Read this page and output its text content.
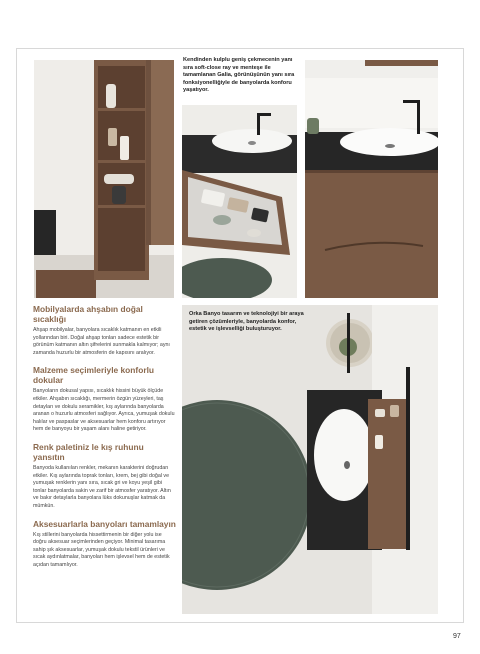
Kendinden kulplu geniş çekmecenin yanı sıra soft-close ray ve menteşe ile tamamlanan Galia, görünüşünün yanı sıra fonksiyonelliğiyle de banyolarda konforu yaşatıyor.
Orka Banyo tasarım ve teknolojiyi bir araya getiren çözümleriyle, banyolarda konfor, estetik ve işlevselliği buluşturuyor.
Mobilyalarda ahşabın doğal sıcaklığı

Ahşap mobilyalar, banyolara sıcaklık katmanın en etkili yollarından biri. Doğal ahşap tonları sadece estetik bir görünüm katmanın altın şifrelerini sunmakla kalmıyor; aynı zamanda huzurlu bir atmosferin de kapısını aralıyor.

Malzeme seçimleriyle konforlu dokular

Banyoların dokusal yapısı, sıcaklık hissini büyük ölçüde etkiler. Ahşabın sıcaklığı, mermerin özgün yüzeyleri, taş detayları ve dokulu seramikler, kış aylarında banyolarda aranan o huzurlu atmosferi sağlıyor. Ayrıca, yumuşak dokulu halılar ve paspaslar ve aksesuarlar hem konforu artırıyor hem de banyoyu bir yaşam alanı haline getiriyor.

Renk paletiniz le kış ruhunu yansıtın

Banyoda kullanılan renkler, mekanın karakterini doğrudan etkiler. Kış aylarında toprak tonları, krem, bej gibi doğal ve yumuşak renklerin yanı sıra, sıcak gri ve koyu yeşil gibi tonlar banyolarda sakin ve zarif bir atmosfer yaratıyor. Altın ve bakır detaylarla banyolara lüks dokunuşlar katmak da mümkün.

Aksesuarlarla banyoları tamamlayın

Kış stillerini banyolarda hissettirmenin bir diğer yolu ise doğru aksesuar seçimlerinden geçiyor. Minimal tasarıma sahip şık aksesuarlar, yumuşak dokulu tekstil ürünleri ve sıcak aydınlatmalar, banyoları hem işlevsel hem de estetik açıdan tamamlıyor.

97
